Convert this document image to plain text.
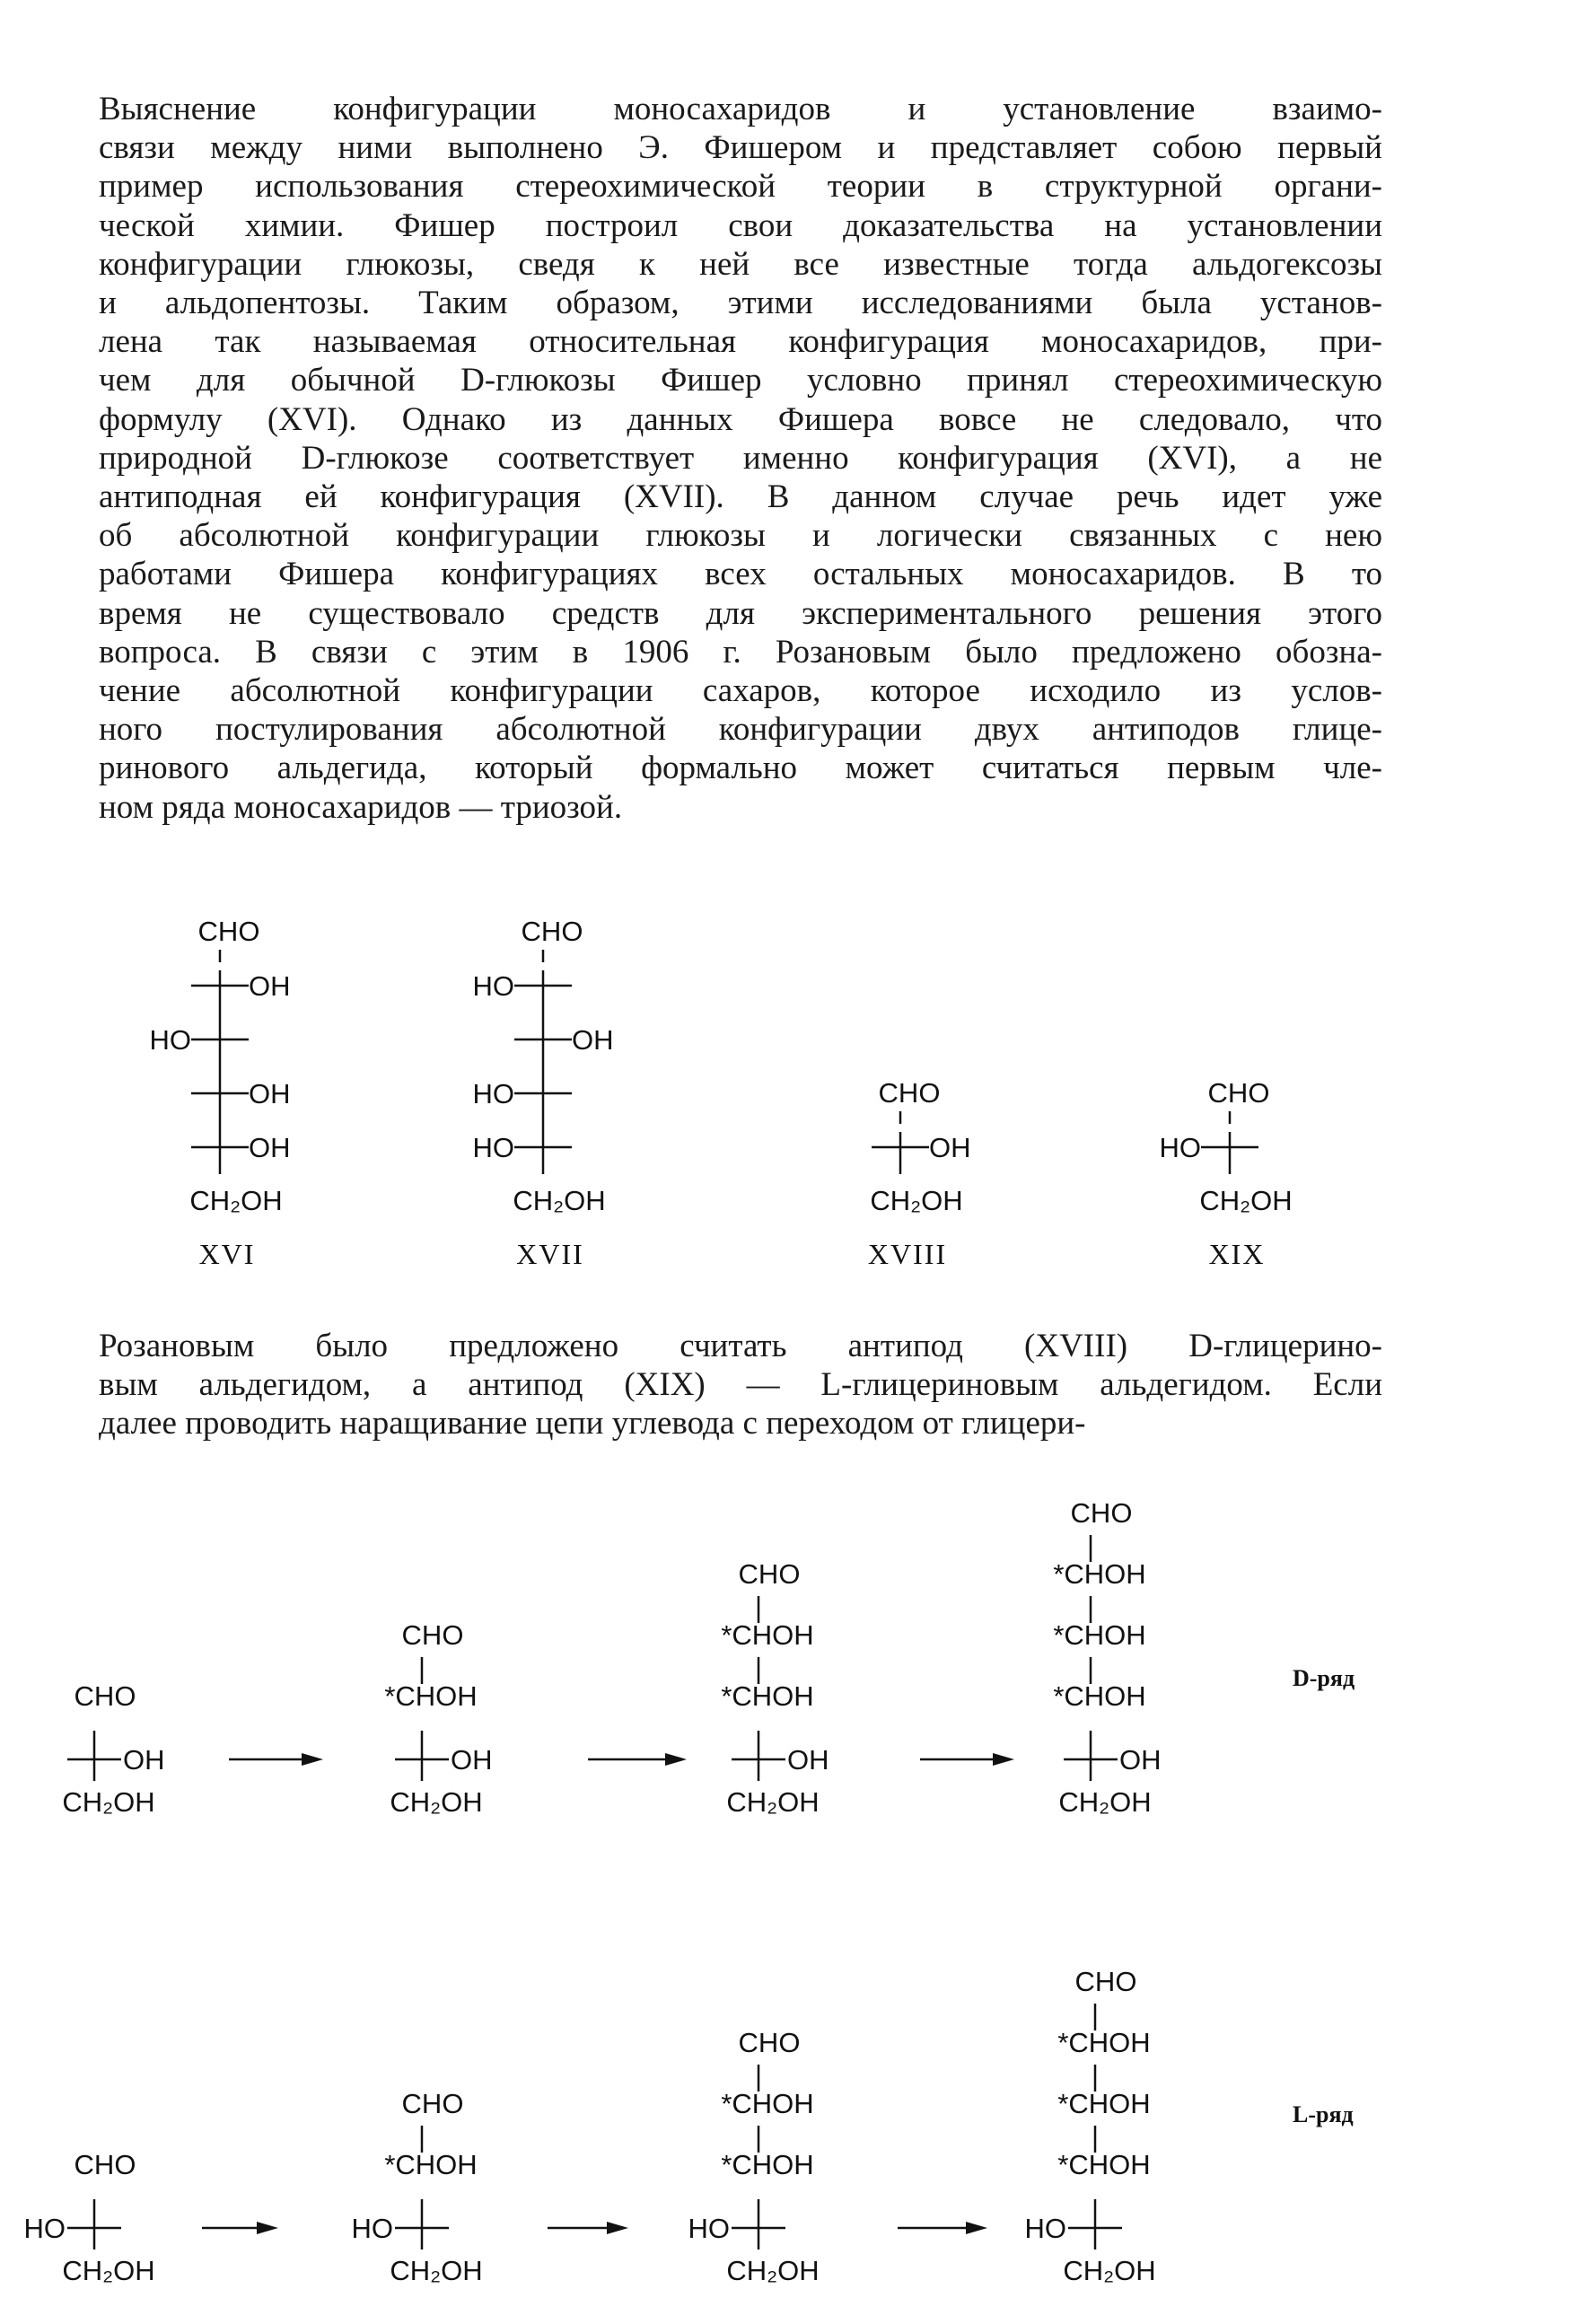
Выяснение конфигурации моносахаридов и установление взаимо-
связи между ними выполнено Э. Фишером и представляет собою первый
пример использования стереохимической теории в структурной органи-
ческой химии. Фишер построил свои доказательства на установлении
конфигурации глюкозы, сведя к ней все известные тогда альдогексозы
и альдопентозы. Таким образом, этими исследованиями была установ-
лена так называемая относительная конфигурация моносахаридов, при-
чем для обычной D-глюкозы Фишер условно принял стереохимическую
формулу (XVI). Однако из данных Фишера вовсе не следовало, что
природной D-глюкозе соответствует именно конфигурация (XVI), а не
антиподная ей конфигурация (XVII). В данном случае речь идет уже
об абсолютной конфигурации глюкозы и логически связанных с нею
работами Фишера конфигурациях всех остальных моносахаридов. В то
время не существовало средств для экспериментального решения этого
вопроса. В связи с этим в 1906 г. Розановым было предложено обозна-
чение абсолютной конфигурации сахаров, которое исходило из услов-
ного постулирования абсолютной конфигурации двух антиподов глице-
ринового альдегида, который формально может считаться первым чле-
ном ряда моносахаридов — триозой.
Розановым было предложено считать антипод (XVIII) D-глицерино-
вым альдегидом, а антипод (XIX) — L-глицериновым альдегидом. Если
далее проводить наращивание цепи углевода с переходом от глицери-
CHO
OH
HO
OH
OH
CH₂OH
XVI
CHO
HO
OH
HO
HO
CH₂OH
XVII
CHO
OH
CH₂OH
XVIII
CHO
HO
CH₂OH
XIX
CHO
OH
CH₂OH
CHO
*CHOH
OH
CH₂OH
CHO
*CHOH
*CHOH
OH
CH₂OH
CHO
*CHOH
*CHOH
*CHOH
OH
CH₂OH
D-ряд
CHO
HO
CH₂OH
CHO
*CHOH
HO
CH₂OH
CHO
*CHOH
*CHOH
HO
CH₂OH
CHO
*CHOH
*CHOH
*CHOH
HO
CH₂OH
L-ряд
